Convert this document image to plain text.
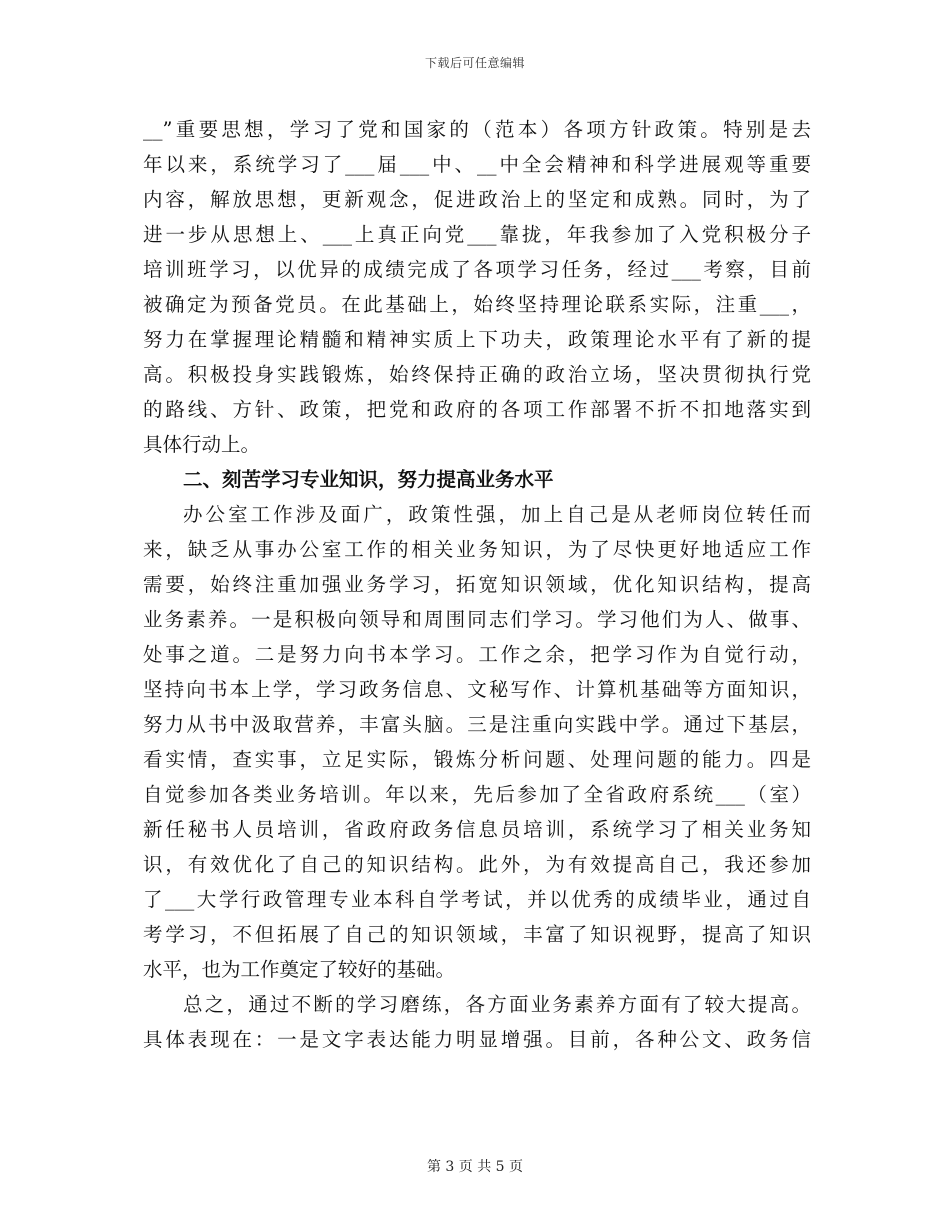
下载后可任意编辑
__”重要思想，学习了党和国家的（范本）各项方针政策。特别是去
年以来，系统学习了___届___中、__中全会精神和科学进展观等重要
内容，解放思想，更新观念，促进政治上的坚定和成熟。同时，为了
进一步从思想上、___上真正向党___靠拢，年我参加了入党积极分子
培训班学习，以优异的成绩完成了各项学习任务，经过___考察，目前
被确定为预备党员。在此基础上，始终坚持理论联系实际，注重___，
努力在掌握理论精髓和精神实质上下功夫，政策理论水平有了新的提
高。积极投身实践锻炼，始终保持正确的政治立场，坚决贯彻执行党
的路线、方针、政策，把党和政府的各项工作部署不折不扣地落实到
具体行动上。
二、刻苦学习专业知识，努力提高业务水平
办公室工作涉及面广，政策性强，加上自己是从老师岗位转任而
来，缺乏从事办公室工作的相关业务知识，为了尽快更好地适应工作
需要，始终注重加强业务学习，拓宽知识领域，优化知识结构，提高
业务素养。一是积极向领导和周围同志们学习。学习他们为人、做事、
处事之道。二是努力向书本学习。工作之余，把学习作为自觉行动，
坚持向书本上学，学习政务信息、文秘写作、计算机基础等方面知识，
努力从书中汲取营养，丰富头脑。三是注重向实践中学。通过下基层，
看实情，查实事，立足实际，锻炼分析问题、处理问题的能力。四是
自觉参加各类业务培训。年以来，先后参加了全省政府系统___（室）
新任秘书人员培训，省政府政务信息员培训，系统学习了相关业务知
识，有效优化了自己的知识结构。此外，为有效提高自己，我还参加
了___大学行政管理专业本科自学考试，并以优秀的成绩毕业，通过自
考学习，不但拓展了自己的知识领域，丰富了知识视野，提高了知识
水平，也为工作奠定了较好的基础。
总之，通过不断的学习磨练，各方面业务素养方面有了较大提高。
具体表现在：一是文字表达能力明显增强。目前，各种公文、政务信
第 3 页 共 5 页
